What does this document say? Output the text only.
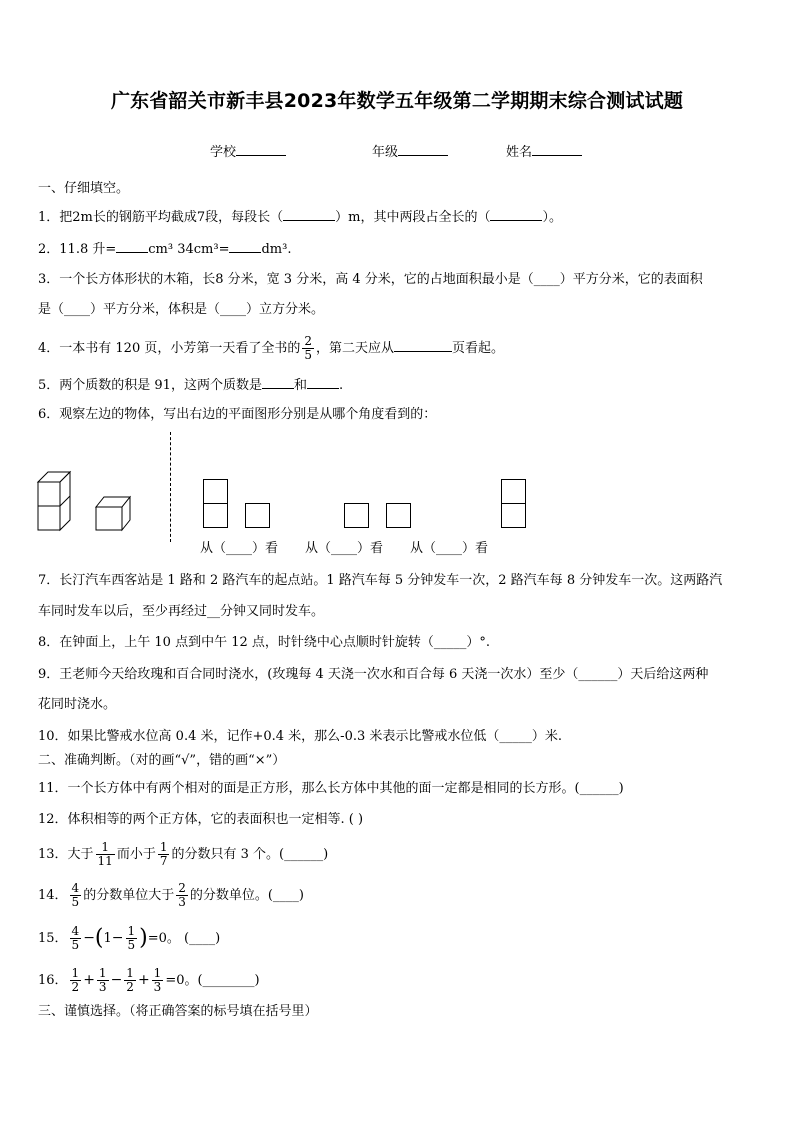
广东省韶关市新丰县2023年数学五年级第二学期期末综合测试试题
学校	年级	姓名
一、仔细填空。
1．把2m长的钢筋平均截成7段，每段长（	）m，其中两段占全长的（	）。
2．11.8 升= cm³ 34cm³= dm³.
3．一个长方体形状的木箱，长8 分米，宽 3 分米，高 4 分米，它的占地面积最小是（____）平方分米，它的表面积
是（____）平方分米，体积是（____）立方分米。
4．一本书有 120 页，小芳第一天看了全书的 $\frac{2}{5}$ ，第二天应从	页看起。
5．两个质数的积是 91，这两个质数是 和 .
6．观察左边的物体，写出右边的平面图形分别是从哪个角度看到的：
从（____）看 从（____）看 从（____）看
7．长汀汽车西客站是 1 路和 2 路汽车的起点站。1 路汽车每 5 分钟发车一次，2 路汽车每 8 分钟发车一次。这两路汽
车同时发车以后，至少再经过__分钟又同时发车。
8．在钟面上，上午 10 点到中午 12 点，时针绕中心点顺时针旋转（_____）°.
9．王老师今天给玫瑰和百合同时浇水，(玫瑰每 4 天浇一次水和百合每 6 天浇一次水）至少（______）天后给这两种
花同时浇水。
10．如果比警戒水位高 0.4 米，记作+0.4 米，那么-0.3 米表示比警戒水位低（_____）米.
二、准确判断。（对的画“√”，错的画“×”）
11．一个长方体中有两个相对的面是正方形，那么长方体中其他的面一定都是相同的长方形。(______)
12．体积相等的两个正方体，它的表面积也一定相等. ( )
13．大于 $\frac{1}{11}$ 而小于 $\frac{1}{7}$ 的分数只有 3 个。(______)
14． $\frac{4}{5}$ 的分数单位大于 $\frac{2}{3}$ 的分数单位。(____)
15． $\frac{4}{5} -(1- \frac{1}{5} )=0$。 (____)
16． $\frac{1}{2} + \frac{1}{3} - \frac{1}{2} + \frac{1}{3} =0$。(________)
三、谨慎选择。（将正确答案的标号填在括号里）
